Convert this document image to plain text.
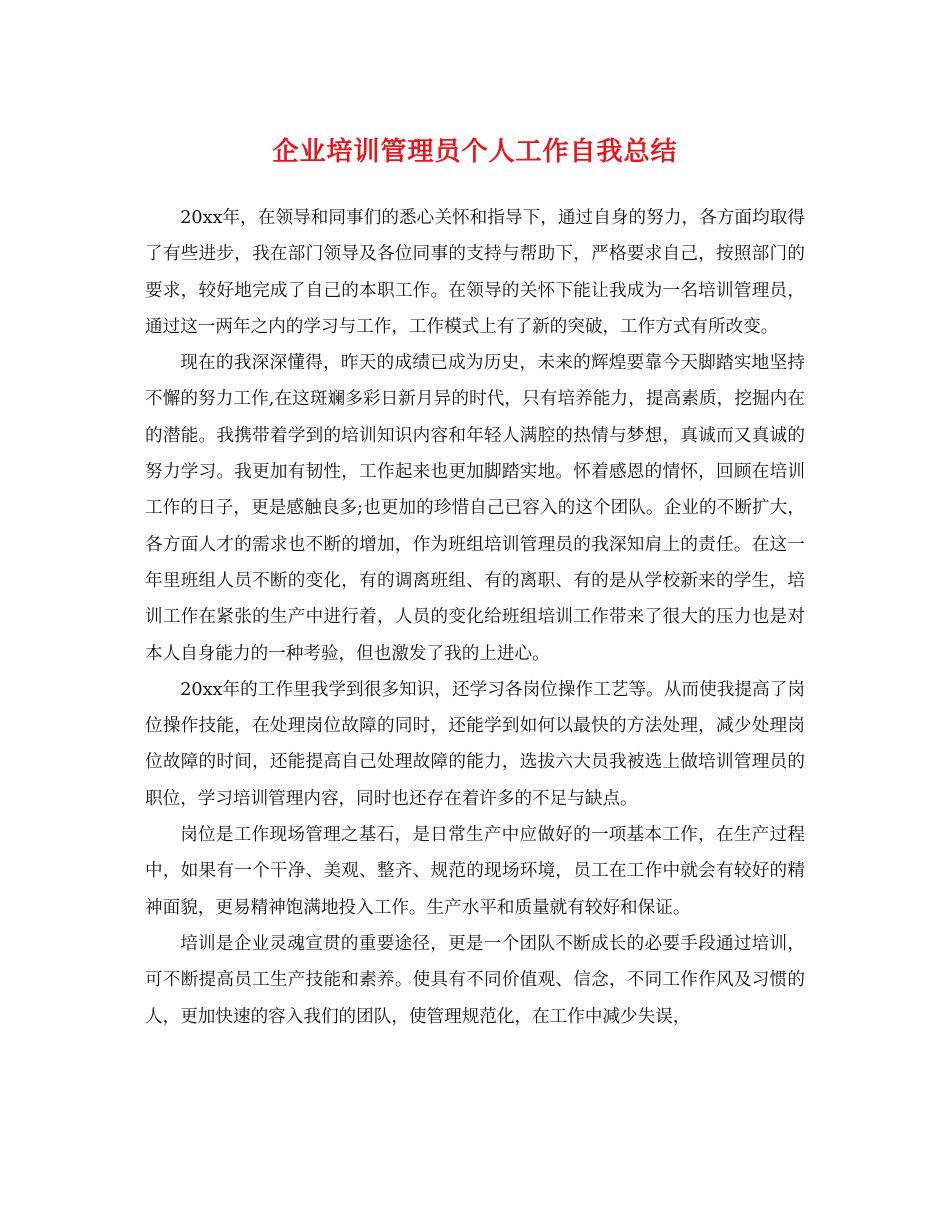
企业培训管理员个人工作自我总结

20xx年，在领导和同事们的悉心关怀和指导下，通过自身的努力，各方面均取得了有些进步，我在部门领导及各位同事的支持与帮助下，严格要求自己，按照部门的要求，较好地完成了自己的本职工作。在领导的关怀下能让我成为一名培训管理员，通过这一两年之内的学习与工作，工作模式上有了新的突破，工作方式有所改变。

现在的我深深懂得，昨天的成绩已成为历史，未来的辉煌要靠今天脚踏实地坚持不懈的努力工作,在这斑斓多彩日新月异的时代，只有培养能力，提高素质，挖掘内在的潜能。我携带着学到的培训知识内容和年轻人满腔的热情与梦想，真诚而又真诚的努力学习。我更加有韧性，工作起来也更加脚踏实地。怀着感恩的情怀，回顾在培训工作的日子，更是感触良多;也更加的珍惜自己已容入的这个团队。企业的不断扩大，各方面人才的需求也不断的增加，作为班组培训管理员的我深知肩上的责任。在这一年里班组人员不断的变化，有的调离班组、有的离职、有的是从学校新来的学生，培训工作在紧张的生产中进行着，人员的变化给班组培训工作带来了很大的压力也是对本人自身能力的一种考验，但也激发了我的上进心。

20xx年的工作里我学到很多知识，还学习各岗位操作工艺等。从而使我提高了岗位操作技能，在处理岗位故障的同时，还能学到如何以最快的方法处理，减少处理岗位故障的时间，还能提高自己处理故障的能力，选拔六大员我被选上做培训管理员的职位，学习培训管理内容，同时也还存在着许多的不足与缺点。

岗位是工作现场管理之基石，是日常生产中应做好的一项基本工作，在生产过程中，如果有一个干净、美观、整齐、规范的现场环境，员工在工作中就会有较好的精神面貌，更易精神饱满地投入工作。生产水平和质量就有较好和保证。

培训是企业灵魂宣贯的重要途径，更是一个团队不断成长的必要手段通过培训，可不断提高员工生产技能和素养。使具有不同价值观、信念，不同工作作风及习惯的人，更加快速的容入我们的团队，使管理规范化，在工作中减少失误，
